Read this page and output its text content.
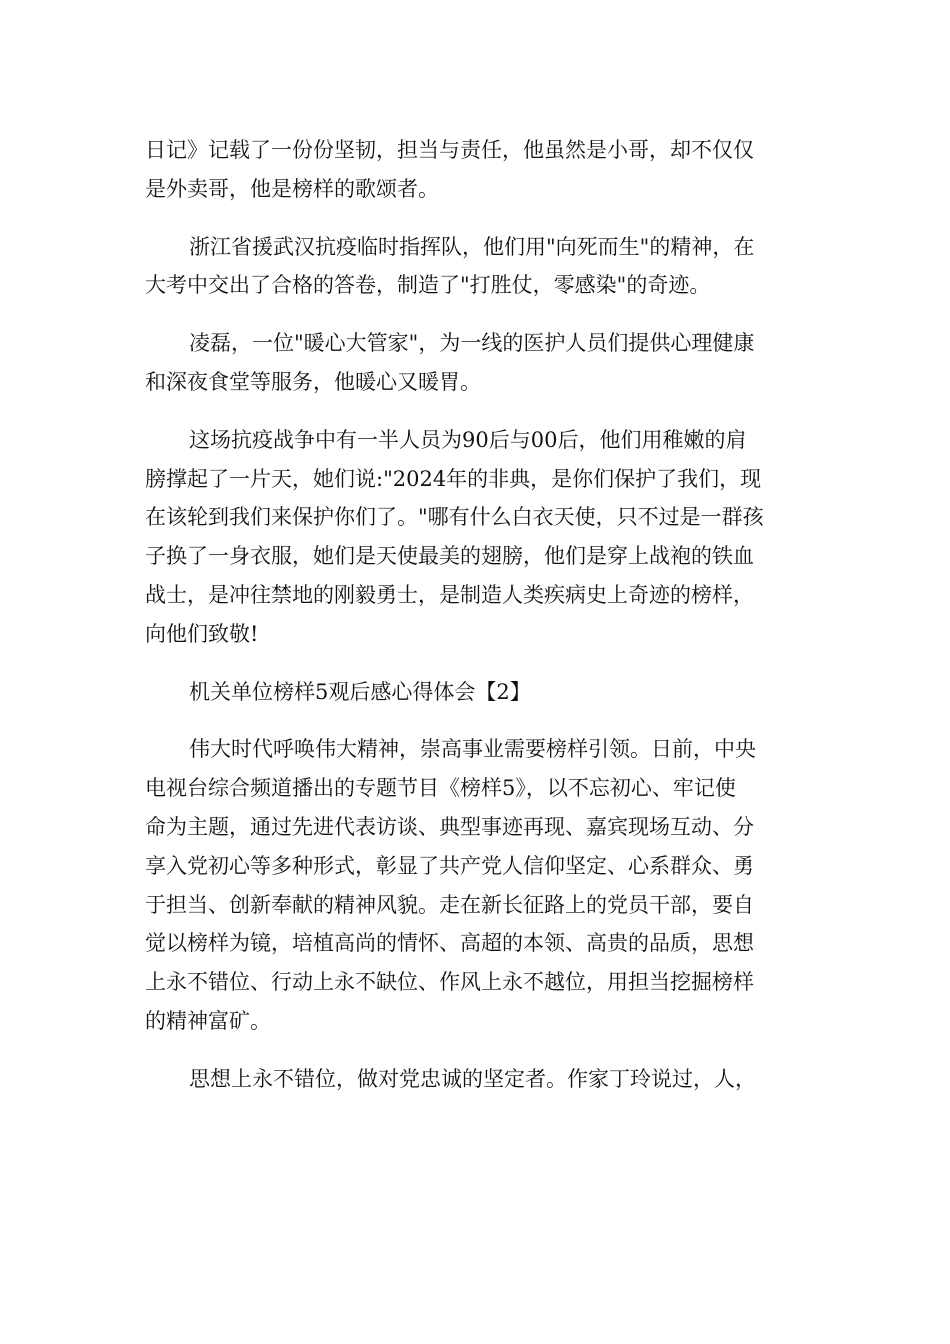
日记》记载了一份份坚韧，担当与责任，他虽然是小哥，却不仅仅
是外卖哥，他是榜样的歌颂者。

浙江省援武汉抗疫临时指挥队，他们用"向死而生"的精神，在
大考中交出了合格的答卷，制造了"打胜仗，零感染"的奇迹。

凌磊，一位"暖心大管家"，为一线的医护人员们提供心理健康
和深夜食堂等服务，他暖心又暖胃。

这场抗疫战争中有一半人员为90后与00后，他们用稚嫩的肩
膀撑起了一片天，她们说:"2024年的非典，是你们保护了我们，现
在该轮到我们来保护你们了。"哪有什么白衣天使，只不过是一群孩
子换了一身衣服，她们是天使最美的翅膀，他们是穿上战袍的铁血
战士，是冲往禁地的刚毅勇士，是制造人类疾病史上奇迹的榜样，
向他们致敬!

机关单位榜样5观后感心得体会【2】

伟大时代呼唤伟大精神，崇高事业需要榜样引领。日前，中央
电视台综合频道播出的专题节目《榜样5》，以不忘初心、牢记使
命为主题，通过先进代表访谈、典型事迹再现、嘉宾现场互动、分
享入党初心等多种形式，彰显了共产党人信仰坚定、心系群众、勇
于担当、创新奉献的精神风貌。走在新长征路上的党员干部，要自
觉以榜样为镜，培植高尚的情怀、高超的本领、高贵的品质，思想
上永不错位、行动上永不缺位、作风上永不越位，用担当挖掘榜样
的精神富矿。

思想上永不错位，做对党忠诚的坚定者。作家丁玲说过，人，
